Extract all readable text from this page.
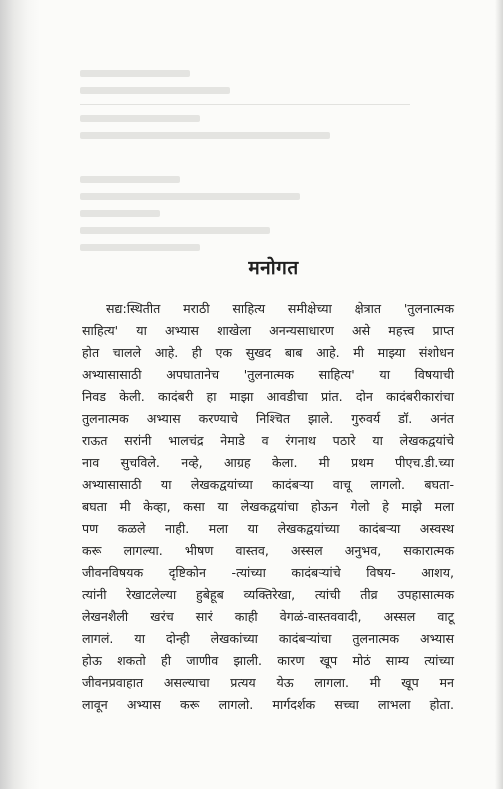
मनोगत
सद्य:स्थितीत मराठी साहित्य समीक्षेच्या क्षेत्रात 'तुलनात्मक
साहित्य' या अभ्यास शाखेला अनन्यसाधारण असे महत्त्व प्राप्त
होत चालले आहे. ही एक सुखद बाब आहे. मी माझ्या संशोधन
अभ्यासासाठी अपघातानेच 'तुलनात्मक साहित्य' या विषयाची
निवड केली. कादंबरी हा माझा आवडीचा प्रांत. दोन कादंबरीकारांचा
तुलनात्मक अभ्यास करण्याचे निश्चित झाले. गुरुवर्य डॉ. अनंत
राऊत सरांनी भालचंद्र नेमाडे व रंगनाथ पठारे या लेखकद्वयांचे
नाव सुचविले. नव्हे, आग्रह केला. मी प्रथम पीएच.डी.च्या
अभ्यासासाठी या लेखकद्वयांच्या कादंबऱ्या वाचू लागलो. बघता-
बघता मी केव्हा, कसा या लेखकद्वयांचा होऊन गेलो हे माझे मला
पण कळले नाही. मला या लेखकद्वयांच्या कादंबऱ्या अस्वस्थ
करू लागल्या. भीषण वास्तव, अस्सल अनुभव, सकारात्मक
जीवनविषयक दृष्टिकोन -त्यांच्या कादंबऱ्यांचे विषय- आशय,
त्यांनी रेखाटलेल्या हुबेहूब व्यक्तिरेखा, त्यांची तीव्र उपहासात्मक
लेखनशैली खरंच सारं काही वेगळं-वास्तववादी, अस्सल वाटू
लागलं. या दोन्ही लेखकांच्या कादंबऱ्यांचा तुलनात्मक अभ्यास
होऊ शकतो ही जाणीव झाली. कारण खूप मोठं साम्य त्यांच्या
जीवनप्रवाहात असल्याचा प्रत्यय येऊ लागला. मी खूप मन
लावून अभ्यास करू लागलो. मार्गदर्शक सच्चा लाभला होता.
